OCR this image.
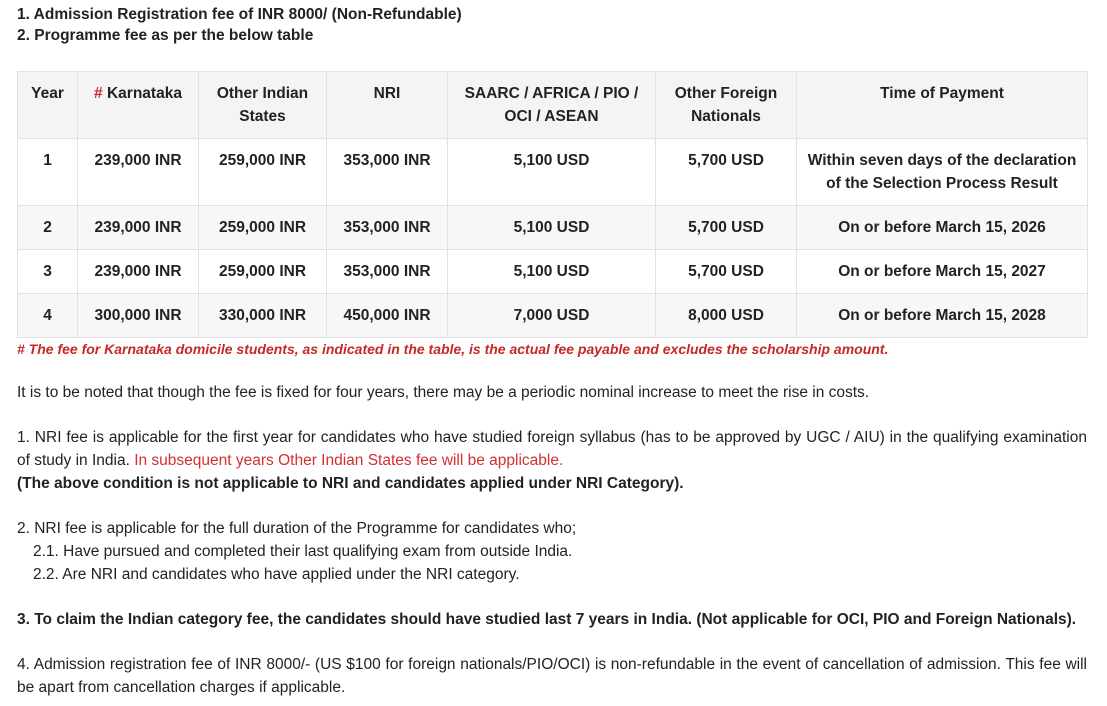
1. Admission Registration fee of INR 8000/ (Non-Refundable)

2. Programme fee as per the below table

Year	# Karnataka	Other Indian States	NRI	SAARC / AFRICA / PIO / OCI / ASEAN	Other Foreign Nationals	Time of Payment
1	239,000 INR	259,000 INR	353,000 INR	5,100 USD	5,700 USD	Within seven days of the declaration of the Selection Process Result
2	239,000 INR	259,000 INR	353,000 INR	5,100 USD	5,700 USD	On or before March 15, 2026
3	239,000 INR	259,000 INR	353,000 INR	5,100 USD	5,700 USD	On or before March 15, 2027
4	300,000 INR	330,000 INR	450,000 INR	7,000 USD	8,000 USD	On or before March 15, 2028

# The fee for Karnataka domicile students, as indicated in the table, is the actual fee payable and excludes the scholarship amount.

It is to be noted that though the fee is fixed for four years, there may be a periodic nominal increase to meet the rise in costs.

1. NRI fee is applicable for the first year for candidates who have studied foreign syllabus (has to be approved by UGC / AIU) in the qualifying examination of study in India. In subsequent years Other Indian States fee will be applicable.

(The above condition is not applicable to NRI and candidates applied under NRI Category).

2. NRI fee is applicable for the full duration of the Programme for candidates who;

2.1. Have pursued and completed their last qualifying exam from outside India.

2.2. Are NRI and candidates who have applied under the NRI category.

3. To claim the Indian category fee, the candidates should have studied last 7 years in India. (Not applicable for OCI, PIO and Foreign Nationals).

4. Admission registration fee of INR 8000/- (US $100 for foreign nationals/PIO/OCI) is non-refundable in the event of cancellation of admission. This fee will be apart from cancellation charges if applicable.
